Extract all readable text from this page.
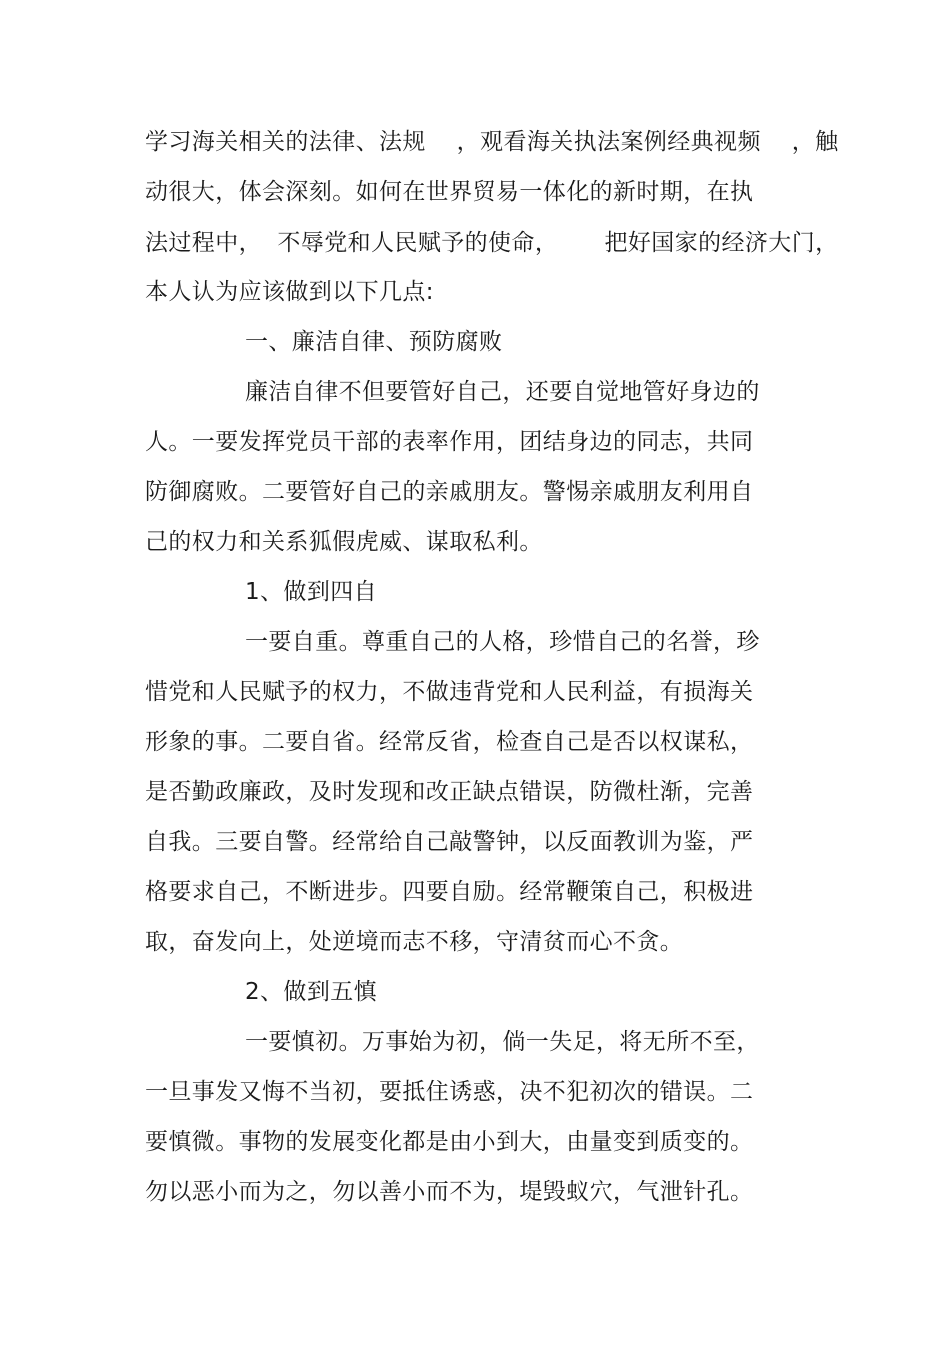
学习海关相关的法律、法规    ，观看海关执法案例经典视频    ，触
动很大，体会深刻。如何在世界贸易一体化的新时期，在执
法过程中，  不辱党和人民赋予的使命，      把好国家的经济大门，
本人认为应该做到以下几点:
一、廉洁自律、预防腐败
廉洁自律不但要管好自己，还要自觉地管好身边的
人。一要发挥党员干部的表率作用，团结身边的同志，共同
防御腐败。二要管好自己的亲戚朋友。警惕亲戚朋友利用自
己的权力和关系狐假虎威、谋取私利。
1、做到四自
一要自重。尊重自己的人格，珍惜自己的名誉，珍
惜党和人民赋予的权力，不做违背党和人民利益，有损海关
形象的事。二要自省。经常反省，检查自己是否以权谋私，
是否勤政廉政，及时发现和改正缺点错误，防微杜渐，完善
自我。三要自警。经常给自己敲警钟，以反面教训为鉴，严
格要求自己，不断进步。四要自励。经常鞭策自己，积极进
取，奋发向上，处逆境而志不移，守清贫而心不贪。
2、做到五慎
一要慎初。万事始为初，倘一失足，将无所不至，
一旦事发又悔不当初，要抵住诱惑，决不犯初次的错误。二
要慎微。事物的发展变化都是由小到大，由量变到质变的。
勿以恶小而为之，勿以善小而不为，堤毁蚁穴，气泄针孔。
